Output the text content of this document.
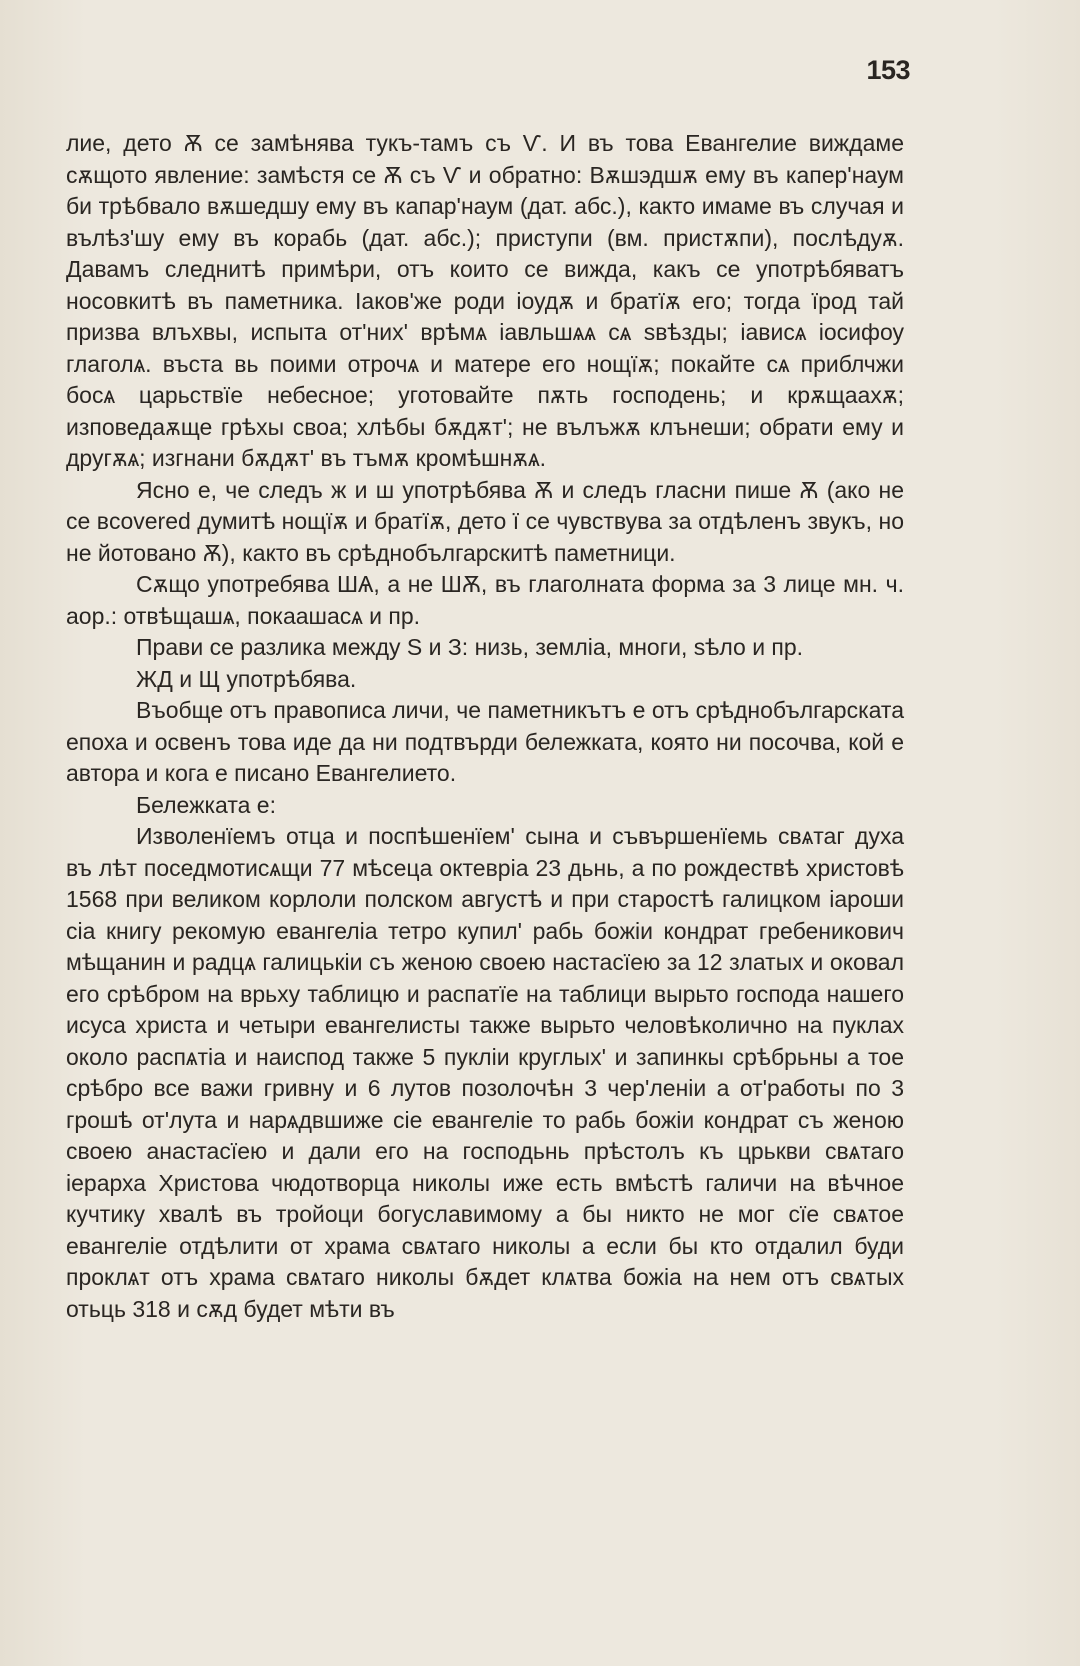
153

лие, дето Ѫ се замѣнява тукъ-тамъ съ Ѵ. И въ това Евангелие виждаме сѫщото явление: замѣстя се Ѫ съ Ѵ и обратно: Вѫшэдшѫ ему въ капер'наум би трѣбвало вѫшедшу ему въ капар'наум (дат. абс.), както имаме въ случая и вълѣз'шу ему въ корабь (дат. абс.); приступи (вм. пристѫпи), послѣдуѫ. Давамъ следнитѣ примѣри, отъ които се вижда, какъ се употрѣбяватъ носовкитѣ въ паметника. Іаков'же роди іоудѫ и братїѫ его; тогда їрод тай призва влъхвы, испыта от'них' врѣмѧ іавльшѧѧ сѧ ѕвѣзды; іависѧ іосифоу глаголѧ. въста вь поими отрочѧ и матере его нощїѫ; покайте сѧ приблчжи босѧ царьствїе небесное; уготовайте пѫть господень; и крѫщаахѫ; изповедаѫще грѣхы своа; хлѣбы бѫдѫт'; не вълъжѫ клънеши; обрати ему и другѫѧ; изгнани бѫдѫт' въ тъмѫ кромѣшнѫѧ.

Ясно е, че следъ ж и ш употрѣбява Ѫ и следъ гласни пише Ѫ (ако не се вcovered думитѣ нощїѫ и братїѫ, дето ї се чувствува за отдѣленъ звукъ, но не йотовано Ѫ), както въ срѣднобългарскитѣ паметници.

Сѫщо употребява ШѦ, а не ШѪ, въ глаголната форма за 3 лице мн. ч. аор.: отвѣщашѧ, покаашасѧ и пр.

Прави се разлика между Ѕ и З: низь, земліа, многи, ѕѣло и пр.

ЖД и Щ употрѣбява.

Въобще отъ правописа личи, че паметникътъ е отъ срѣднобългарската епоха и освенъ това иде да ни подтвърди бележката, която ни посочва, кой е автора и кога е писано Евангелието.

Бележката е:

Изволенїемъ отца и поспѣшенїем' сына и съвършенїемь свѧтаг духа въ лѣт поседмотисѧщи 77 мѣсеца октевріа 23 дьнь, а по рождествѣ христовѣ 1568 при великом корлоли полском августѣ и при старостѣ галицком іароши сіа книгу рекомую евангеліа тетро купил' рабь божіи кондрат гребеникович мѣщанин и радцѧ галицькіи съ женою своею настасїею за 12 златых и оковал его срѣбром на врьху таблицю и распатїе на таблици вырьто господа нашего исуса христа и четыри евангелисты также вырьто человѣколично на пуклах около распѧтіа и наиспод также 5 пукліи круглых' и запинкы срѣбрьны а тое срѣбро все важи гривну и 6 лутов позолочѣн 3 чер'леніи а от'работы по 3 грошѣ от'лута и нарѧдвшиже сіе евангеліе то рабь божіи кондрат съ женою своею анастасїею и дали его на господьнь прѣстолъ къ црькви свѧтаго іерарха Христова чюдотворца николы иже есть вмѣстѣ галичи на вѣчное кучтику хвалѣ въ тройоци богуславимому а бы никто не мог сїе свѧтое евангеліе отдѣлити от храма свѧтаго николы а если бы кто отдалил буди проклѧт отъ храма свѧтаго николы бѫдет клѧтва божіа на нем отъ свѧтых отьць 318 и сѫд будет мѣти въ
